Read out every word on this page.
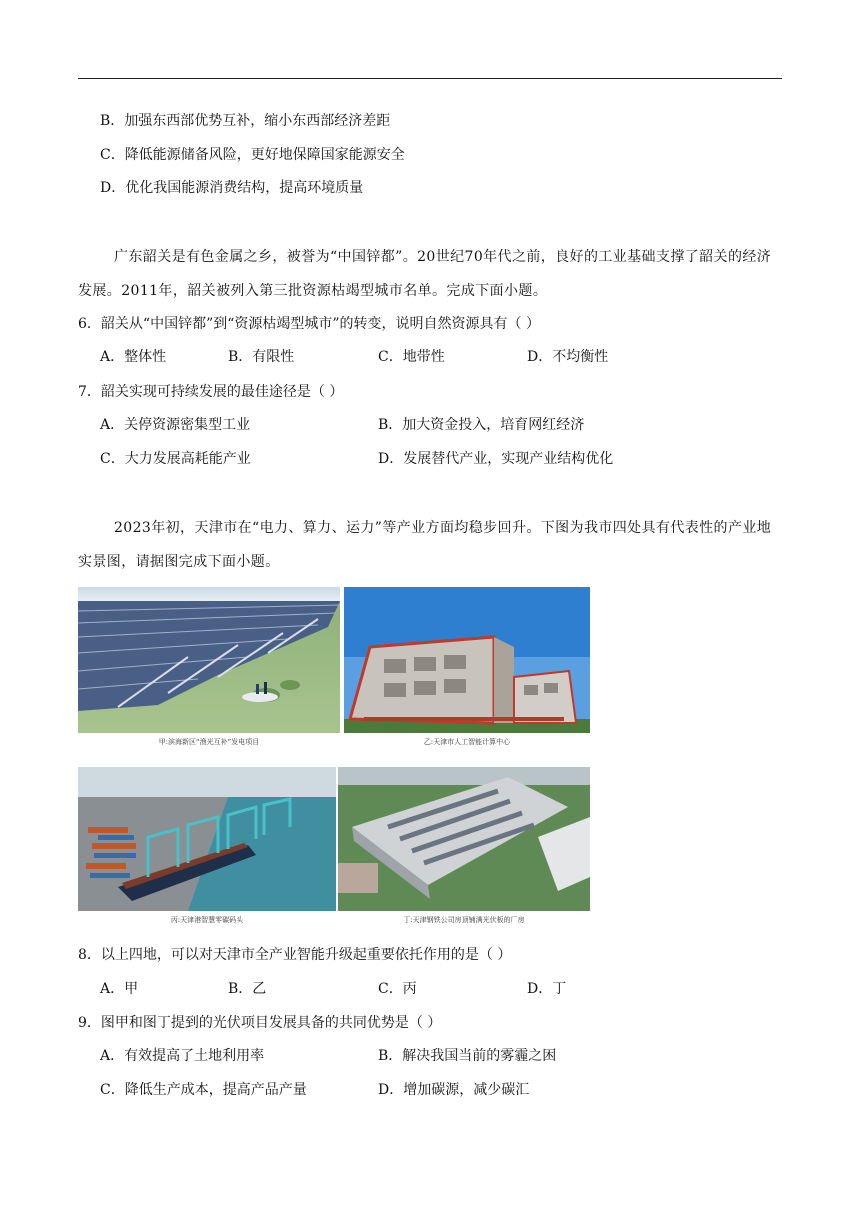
B．加强东西部优势互补，缩小东西部经济差距
C．降低能源储备风险，更好地保障国家能源安全
D．优化我国能源消费结构，提高环境质量
广东韶关是有色金属之乡，被誉为“中国锌都”。20世纪70年代之前，良好的工业基础支撑了韶关的经济发展。2011年，韶关被列入第三批资源枯竭型城市名单。完成下面小题。
6．韶关从“中国锌都”到“资源枯竭型城市”的转变，说明自然资源具有（ ）
A．整体性	B．有限性	C．地带性	D．不均衡性
7．韶关实现可持续发展的最佳途径是（ ）
A．关停资源密集型工业	B．加大资金投入，培育网红经济
C．大力发展高耗能产业	D．发展替代产业，实现产业结构优化
2023年初，天津市在“电力、算力、运力”等产业方面均稳步回升。下图为我市四处具有代表性的产业地实景图，请据图完成下面小题。
甲:滨海新区“渔光互补”发电项目	乙:天津市人工智能计算中心
丙:天津港智慧零碳码头	丁:天津钢铁公司房顶铺满光伏板的厂房
8．以上四地，可以对天津市全产业智能升级起重要依托作用的是（ ）
A．甲	B．乙	C．丙	D．丁
9．图甲和图丁提到的光伏项目发展具备的共同优势是（ ）
A．有效提高了土地利用率	B．解决我国当前的雾霾之困
C．降低生产成本，提高产品产量	D．增加碳源，减少碳汇
